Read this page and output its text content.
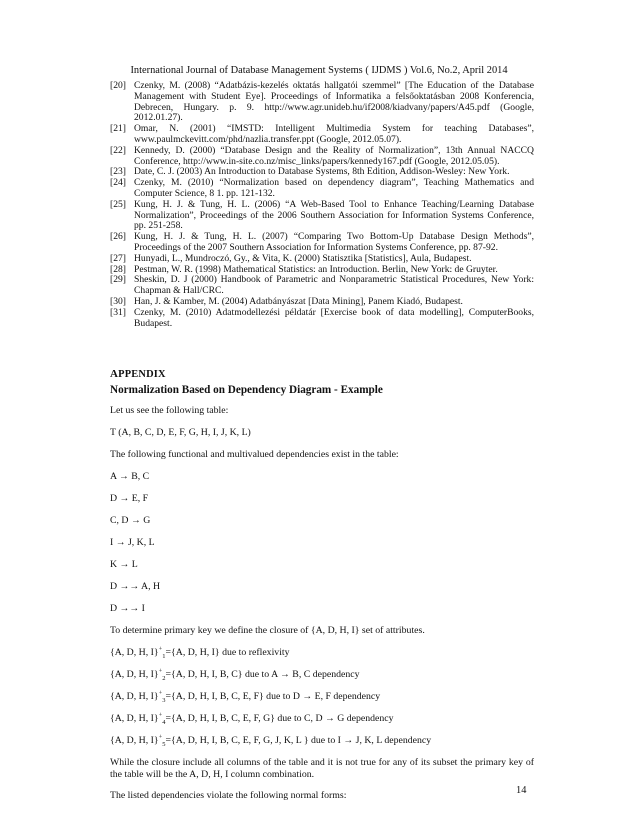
International Journal of Database Management Systems ( IJDMS ) Vol.6, No.2, April 2014
[20] Czenky, M. (2008) “Adatbázis-kezelés oktatás hallgatói szemmel” [The Education of the Database Management with Student Eye]. Proceedings of Informatika a felsőoktatásban 2008 Konferencia, Debrecen, Hungary. p. 9. http://www.agr.unideb.hu/if2008/kiadvany/papers/A45.pdf (Google, 2012.01.27).
[21] Omar, N. (2001) “IMSTD: Intelligent Multimedia System for teaching Databases”, www.paulmckevitt.com/phd/nazlia.transfer.ppt (Google, 2012.05.07).
[22] Kennedy, D. (2000) “Database Design and the Reality of Normalization”, 13th Annual NACCQ Conference, http://www.in-site.co.nz/misc_links/papers/kennedy167.pdf (Google, 2012.05.05).
[23] Date, C. J. (2003) An Introduction to Database Systems, 8th Edition, Addison-Wesley: New York.
[24] Czenky, M. (2010) “Normalization based on dependency diagram”, Teaching Mathematics and Computer Science, 8 1. pp. 121-132.
[25] Kung, H. J. & Tung, H. L. (2006) “A Web-Based Tool to Enhance Teaching/Learning Database Normalization”, Proceedings of the 2006 Southern Association for Information Systems Conference, pp. 251-258.
[26] Kung, H. J. & Tung, H. L. (2007) “Comparing Two Bottom-Up Database Design Methods”, Proceedings of the 2007 Southern Association for Information Systems Conference, pp. 87-92.
[27] Hunyadi, L., Mundroczó, Gy., & Vita, K. (2000) Statisztika [Statistics], Aula, Budapest.
[28] Pestman, W. R. (1998) Mathematical Statistics: an Introduction. Berlin, New York: de Gruyter.
[29] Sheskin, D. J (2000) Handbook of Parametric and Nonparametric Statistical Procedures, New York: Chapman & Hall/CRC.
[30] Han, J. & Kamber, M. (2004) Adatbányászat [Data Mining], Panem Kiadó, Budapest.
[31] Czenky, M. (2010) Adatmodellezési példatár [Exercise book of data modelling], ComputerBooks, Budapest.
APPENDIX
Normalization Based on Dependency Diagram - Example

Let us see the following table:

T (A, B, C, D, E, F, G, H, I, J, K, L)

The following functional and multivalued dependencies exist in the table:

A → B, C

D → E, F

C, D → G

I → J, K, L

K → L

D →→ A, H

D →→ I

To determine primary key we define the closure of {A, D, H, I} set of attributes.

{A, D, H, $I\}^+_1=\{A$, D, H, I} due to reflexivity

{A, D, H, $I\}^+_2=\{A$, D, H, I, B, C} due to A → B, C dependency

{A, D, H, $I\}^+_3=\{A$, D, H, I, B, C, E, F} due to D → E, F dependency

{A, D, H, $I\}^+_4=\{A$, D, H, I, B, C, E, F, G} due to C, D → G dependency

{A, D, H, $I\}^+_5=\{A$, D, H, I, B, C, E, F, G, J, K, L } due to I → J, K, L dependency

While the closure include all columns of the table and it is not true for any of its subset the primary key of the table will be the A, D, H, I column combination.

The listed dependencies violate the following normal forms:	14
